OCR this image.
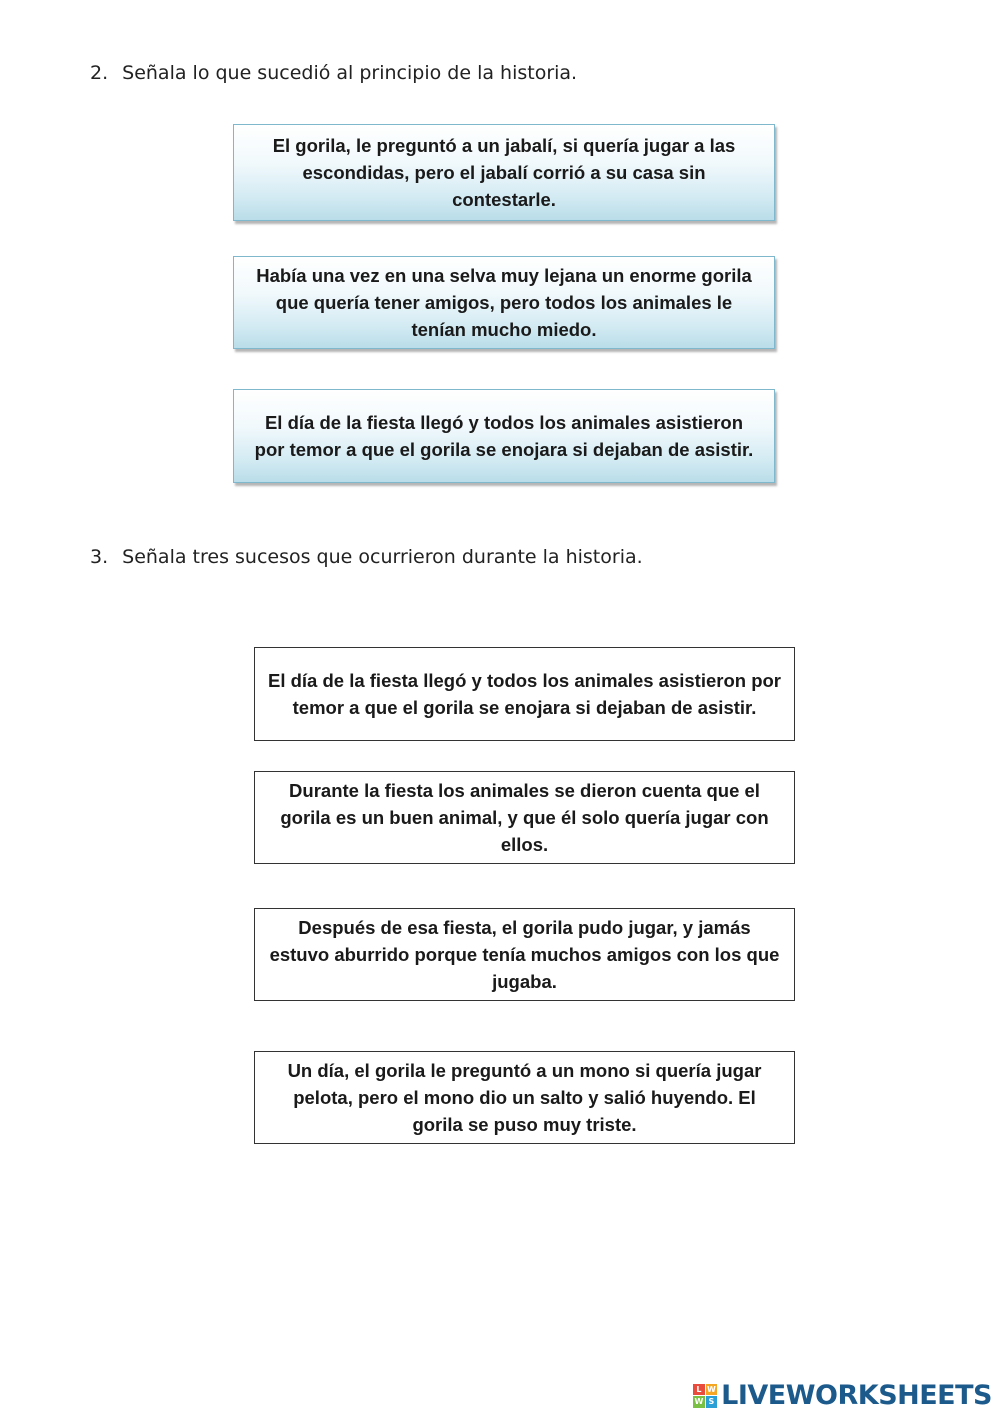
2. Señala lo que sucedió al principio de la historia.
El gorila, le preguntó a un jabalí, si quería jugar a las escondidas, pero el jabalí corrió a su casa sin contestarle.
Había una vez en una selva muy lejana un enorme gorila que quería tener amigos, pero todos los animales le tenían mucho miedo.
El día de la fiesta llegó y todos los animales asistieron por temor a que el gorila se enojara si dejaban de asistir.
3. Señala tres sucesos que ocurrieron durante la historia.
El día de la fiesta llegó y todos los animales asistieron por temor a que el gorila se enojara si dejaban de asistir.
Durante la fiesta los animales se dieron cuenta que el gorila es un buen animal, y que él solo quería jugar con ellos.
Después de esa fiesta, el gorila pudo jugar, y jamás estuvo aburrido porque tenía muchos amigos con los que jugaba.
Un día, el gorila le preguntó a un mono si quería jugar pelota, pero el mono dio un salto y salió huyendo. El gorila se puso muy triste.
L W
W S LIVEWORKSHEETS
